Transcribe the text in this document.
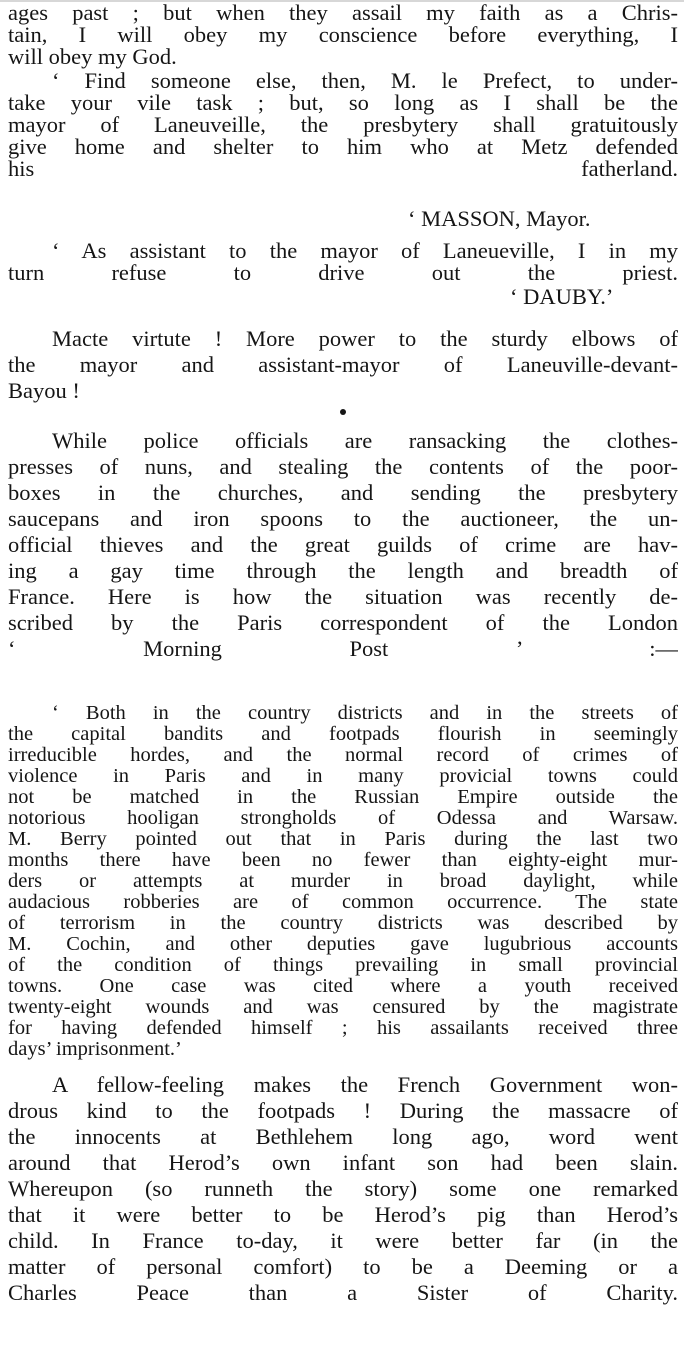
ages past ; but when they assail my faith as a Chris-

tain, I will obey my conscience before everything, I

will obey my God.

‘ Find someone else, then, M. le Prefect, to under-

take your vile task ; but, so long as I shall be the

mayor of Laneuveille, the presbytery shall gratuitously

give home and shelter to him who at Metz defended

his fatherland.

‘ MASSON, Mayor.

‘ As assistant to the mayor of Laneueville, I in my

turn refuse to drive out the priest.

‘ DAUBY.’

Macte virtute ! More power to the sturdy elbows of

the mayor and assistant-mayor of Laneuville-devant-

Bayou !

While police officials are ransacking the clothes-

presses of nuns, and stealing the contents of the poor-

boxes in the churches, and sending the presbytery

saucepans and iron spoons to the auctioneer, the un-

official thieves and the great guilds of crime are hav-

ing a gay time through the length and breadth of

France. Here is how the situation was recently de-

scribed by the Paris correspondent of the London

‘ Morning Post ’ :—

‘ Both in the country districts and in the streets of

the capital bandits and footpads flourish in seemingly

irreducible hordes, and the normal record of crimes of

violence in Paris and in many provicial towns could

not be matched in the Russian Empire outside the

notorious hooligan strongholds of Odessa and Warsaw.

M. Berry pointed out that in Paris during the last two

months there have been no fewer than eighty-eight mur-

ders or attempts at murder in broad daylight, while

audacious robberies are of common occurrence. The state

of terrorism in the country districts was described by

M. Cochin, and other deputies gave lugubrious accounts

of the condition of things prevailing in small provincial

towns. One case was cited where a youth received

twenty-eight wounds and was censured by the magistrate

for having defended himself ; his assailants received three

days’ imprisonment.’

A fellow-feeling makes the French Government won-

drous kind to the footpads ! During the massacre of

the innocents at Bethlehem long ago, word went

around that Herod’s own infant son had been slain.

Whereupon (so runneth the story) some one remarked

that it were better to be Herod’s pig than Herod’s

child. In France to-day, it were better far (in the

matter of personal comfort) to be a Deeming or a

Charles Peace than a Sister of Charity.
